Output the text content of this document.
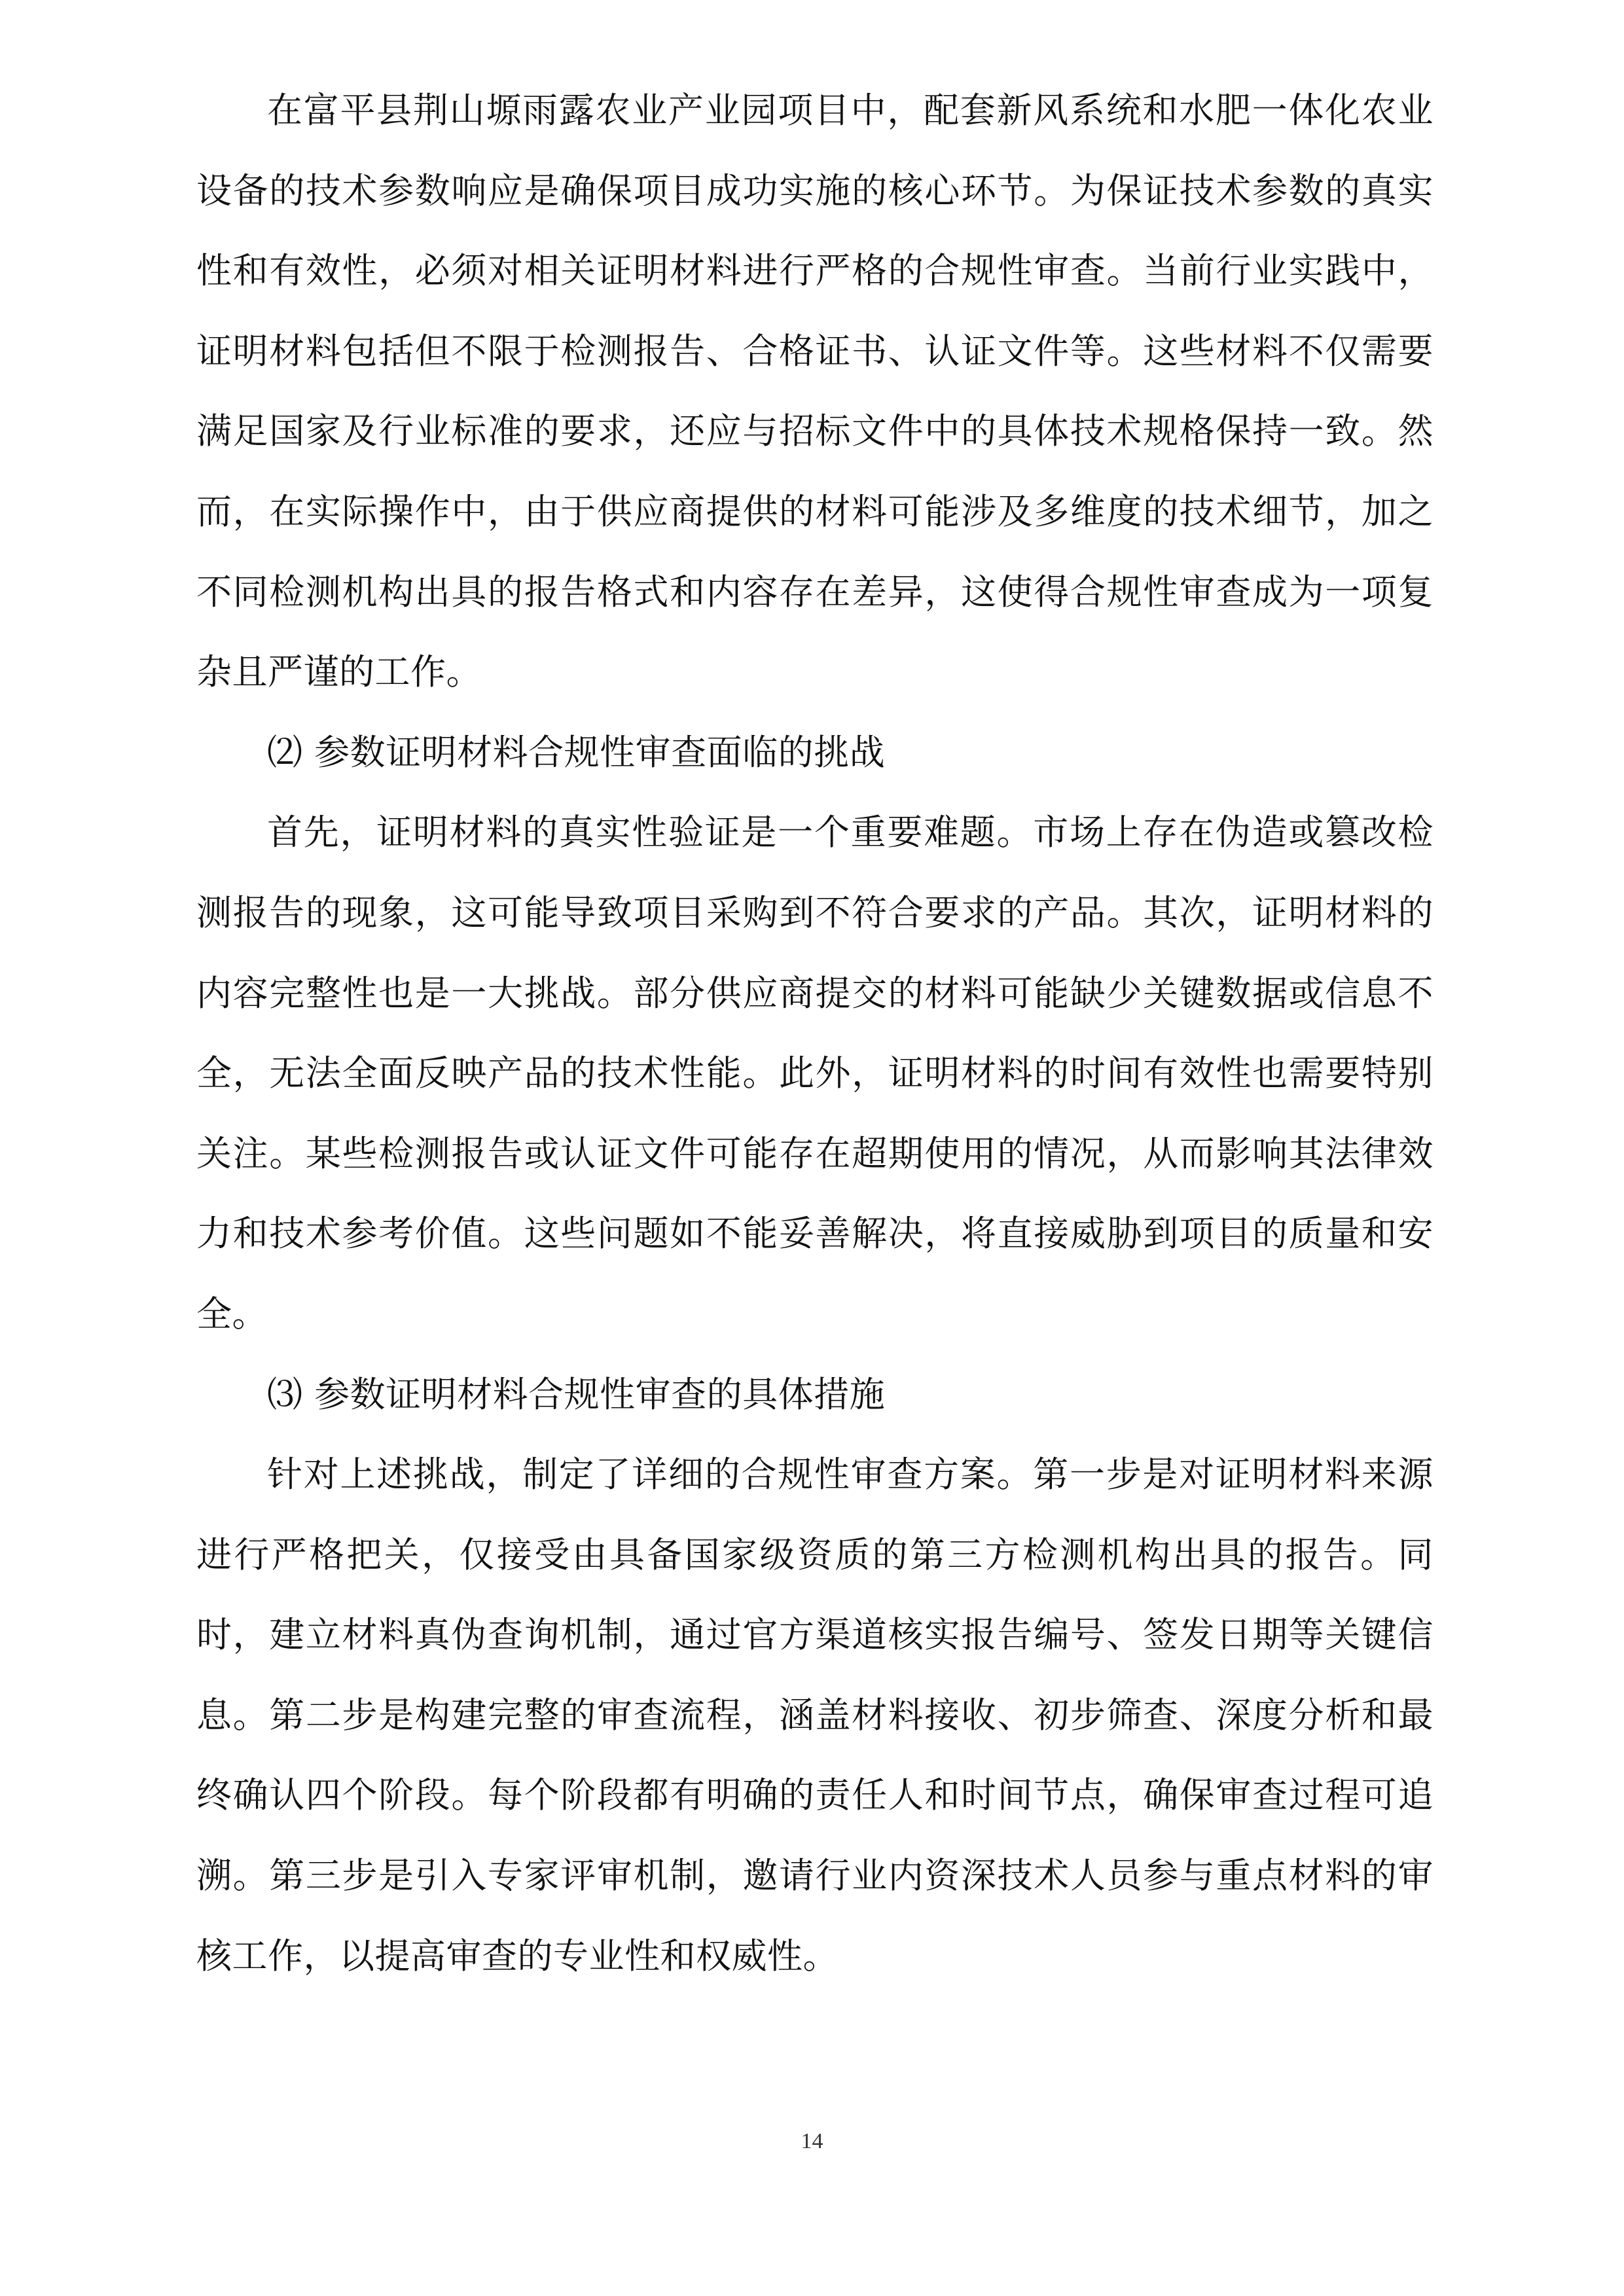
在富平县荆山塬雨露农业产业园项目中，配套新风系统和水肥一体化农业设备的技术参数响应是确保项目成功实施的核心环节。为保证技术参数的真实性和有效性，必须对相关证明材料进行严格的合规性审查。当前行业实践中，证明材料包括但不限于检测报告、合格证书、认证文件等。这些材料不仅需要满足国家及行业标准的要求，还应与招标文件中的具体技术规格保持一致。然而，在实际操作中，由于供应商提供的材料可能涉及多维度的技术细节，加之不同检测机构出具的报告格式和内容存在差异，这使得合规性审查成为一项复杂且严谨的工作。

⑵ 参数证明材料合规性审查面临的挑战

首先，证明材料的真实性验证是一个重要难题。市场上存在伪造或篡改检测报告的现象，这可能导致项目采购到不符合要求的产品。其次，证明材料的内容完整性也是一大挑战。部分供应商提交的材料可能缺少关键数据或信息不全，无法全面反映产品的技术性能。此外，证明材料的时间有效性也需要特别关注。某些检测报告或认证文件可能存在超期使用的情况，从而影响其法律效力和技术参考价值。这些问题如不能妥善解决，将直接威胁到项目的质量和安全。

⑶ 参数证明材料合规性审查的具体措施

针对上述挑战，制定了详细的合规性审查方案。第一步是对证明材料来源进行严格把关，仅接受由具备国家级资质的第三方检测机构出具的报告。同时，建立材料真伪查询机制，通过官方渠道核实报告编号、签发日期等关键信息。第二步是构建完整的审查流程，涵盖材料接收、初步筛查、深度分析和最终确认四个阶段。每个阶段都有明确的责任人和时间节点，确保审查过程可追溯。第三步是引入专家评审机制，邀请行业内资深技术人员参与重点材料的审核工作，以提高审查的专业性和权威性。

14
